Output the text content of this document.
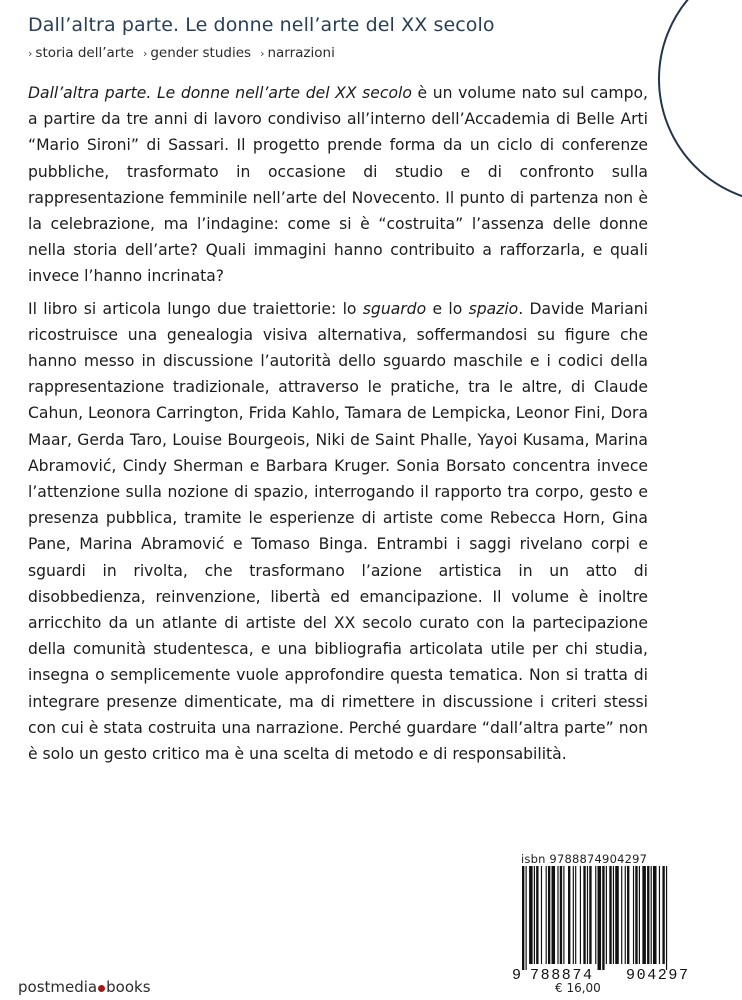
Dall’altra parte. Le donne nell’arte del XX secolo
› storia dell’arte › gender studies › narrazioni

Dall’altra parte. Le donne nell’arte del XX secolo è un volume nato sul campo, a partire da tre anni di lavoro condiviso all’interno dell’Accademia di Belle Arti “Mario Sironi” di Sassari. Il progetto prende forma da un ciclo di conferenze pubbliche, trasformato in occasione di studio e di confronto sulla rappresentazione femminile nell’arte del Novecento. Il punto di partenza non è la celebrazione, ma l’indagine: come si è “costruita” l’assenza delle donne nella storia dell’arte? Quali immagini hanno contribuito a rafforzarla, e quali invece l’hanno incrinata?

Il libro si articola lungo due traiettorie: lo sguardo e lo spazio. Davide Mariani ricostruisce una genealogia visiva alternativa, soffermandosi su figure che hanno messo in discussione l’autorità dello sguardo maschile e i codici della rappresentazione tradizionale, attraverso le pratiche, tra le altre, di Claude Cahun, Leonora Carrington, Frida Kahlo, Tamara de Lempicka, Leonor Fini, Dora Maar, Gerda Taro, Louise Bourgeois, Niki de Saint Phalle, Yayoi Kusama, Marina Abramović, Cindy Sherman e Barbara Kruger. Sonia Borsato concentra invece l’attenzione sulla nozione di spazio, interrogando il rapporto tra corpo, gesto e presenza pubblica, tramite le esperienze di artiste come Rebecca Horn, Gina Pane, Marina Abramović e Tomaso Binga. Entrambi i saggi rivelano corpi e sguardi in rivolta, che trasformano l’azione artistica in un atto di disobbedienza, reinvenzione, libertà ed emancipazione. Il volume è inoltre arricchito da un atlante di artiste del XX secolo curato con la partecipazione della comunità studentesca, e una bibliografia articolata utile per chi studia, insegna o semplicemente vuole approfondire questa tematica. Non si tratta di integrare presenze dimenticate, ma di rimettere in discussione i criteri stessi con cui è stata costruita una narrazione. Perché guardare “dall’altra parte” non è solo un gesto critico ma è una scelta di metodo e di responsabilità.

isbn 9788874904297
9 788874 904297
€ 16,00
postmedia books
